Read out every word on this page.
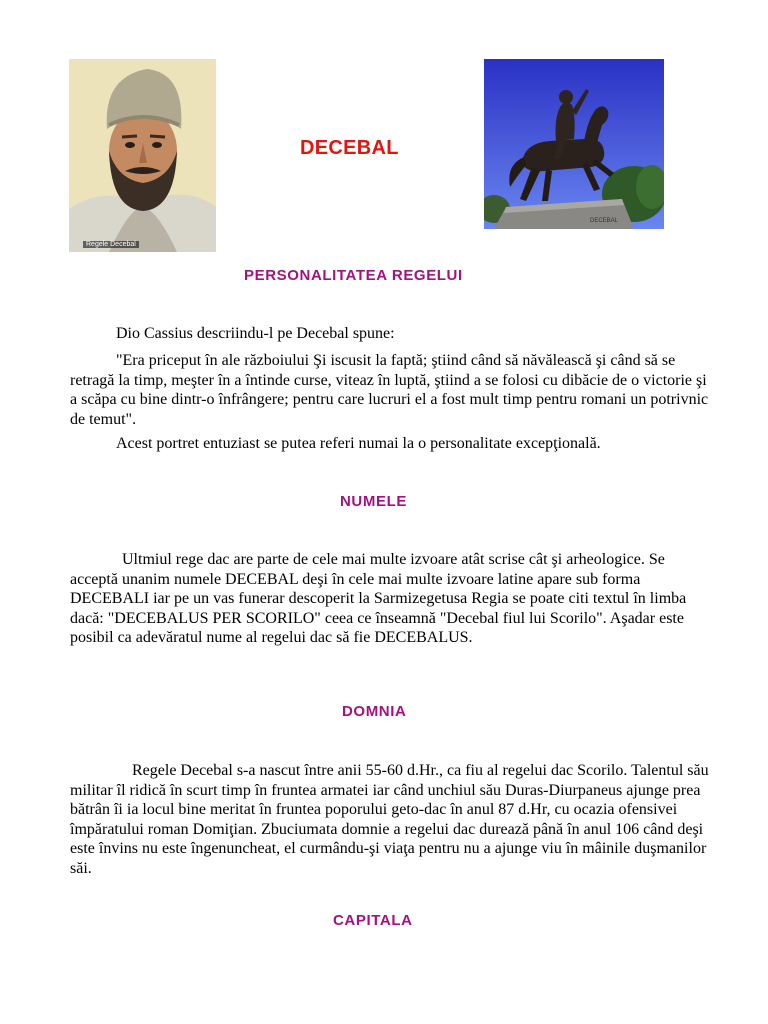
Regele Decebal
DECEBAL
DECEBAL
PERSONALITATEA REGELUI

Dio Cassius descriindu-l pe Decebal spune:

"Era priceput în ale războiului Şi iscusit la faptă; ştiind când să năvălească şi când să se retragă la timp, meşter în a întinde curse, viteaz în luptă, ştiind a se folosi cu dibăcie de o victorie şi a scăpa cu bine dintr-o înfrângere; pentru care lucruri el a fost mult timp pentru romani un potrivnic de temut".

Acest portret entuziast se putea referi numai la o personalitate excepţională.

NUMELE

Ultmiul rege dac are parte de cele mai multe izvoare atât scrise cât şi arheologice. Se acceptă unanim numele DECEBAL deşi în cele mai multe izvoare latine apare sub forma DECEBALI iar pe un vas funerar descoperit la Sarmizegetusa Regia se poate citi textul în limba dacă: "DECEBALUS PER SCORILO" ceea ce înseamnă "Decebal fiul lui Scorilo". Aşadar este posibil ca adevăratul nume al regelui dac să fie DECEBALUS.

DOMNIA

Regele Decebal s-a nascut între anii 55-60 d.Hr., ca fiu al regelui dac Scorilo. Talentul său militar îl ridică în scurt timp în fruntea armatei iar când unchiul său Duras-Diurpaneus ajunge prea bătrân îi ia locul bine meritat în fruntea poporului geto-dac în anul 87 d.Hr, cu ocazia ofensivei împăratului roman Domiţian. Zbuciumata domnie a regelui dac durează până în anul 106 când deşi este învins nu este îngenuncheat, el curmându-şi viaţa pentru nu a ajunge viu în mâinile duşmanilor săi.

CAPITALA
